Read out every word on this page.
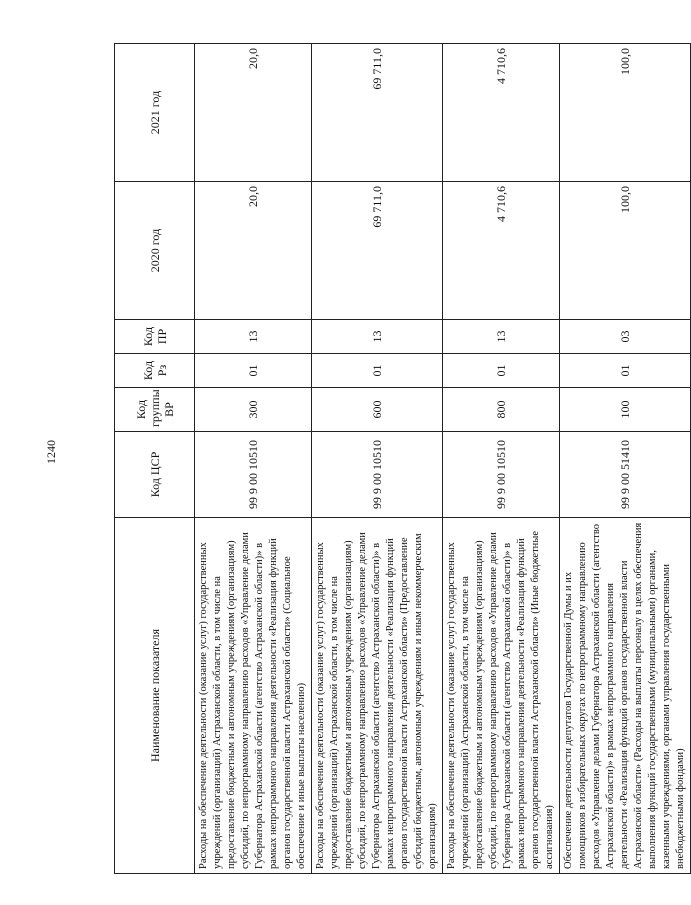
1240
Наименование показателя	Код ЦСР	Код группы ВР	Код Рз	Код ПР	2020 год	2021 год
Расходы на обеспечение деятельности (оказание услуг) государственных учреждений (организаций) Астраханской области, в том числе на предоставление бюджетным и автономным учреждениям (организациям) субсидий, по непрограммному направлению расходов «Управление делами Губернатора Астраханской области (агентство Астраханской области)» в рамках непрограммного направления деятельности «Реализация функций органов государственной власти Астраханской области» (Социальное обеспечение и иные выплаты населению)	99 9 00 10510	300	01	13	20,0	20,0
Расходы на обеспечение деятельности (оказание услуг) государственных учреждений (организаций) Астраханской области, в том числе на предоставление бюджетным и автономным учреждениям (организациям) субсидий, по непрограммному направлению расходов «Управление делами Губернатора Астраханской области (агентство Астраханской области)» в рамках непрограммного направления деятельности «Реализация функций органов государственной власти Астраханской области» (Предоставление субсидий бюджетным, автономным учреждениям и иным некоммерческим организациям)	99 9 00 10510	600	01	13	69 711,0	69 711,0
Расходы на обеспечение деятельности (оказание услуг) государственных учреждений (организаций) Астраханской области, в том числе на предоставление бюджетным и автономным учреждениям (организациям) субсидий, по непрограммному направлению расходов «Управление делами Губернатора Астраханской области (агентство Астраханской области)» в рамках непрограммного направления деятельности «Реализация функций органов государственной власти Астраханской области» (Иные бюджетные ассигнования)	99 9 00 10510	800	01	13	4 710,6	4 710,6
Обеспечение деятельности депутатов Государственной Думы и их помощников в избирательных округах по непрограммному направлению расходов «Управление делами Губернатора Астраханской области (агентство Астраханской области)» в рамках непрограммного направления деятельности «Реализация функций органов государственной власти Астраханской области» (Расходы на выплаты персоналу в целях обеспечения выполнения функций государственными (муниципальными) органами, казенными учреждениями, органами управления государственными внебюджетными фондами)	99 9 00 51410	100	01	03	100,0	100,0
